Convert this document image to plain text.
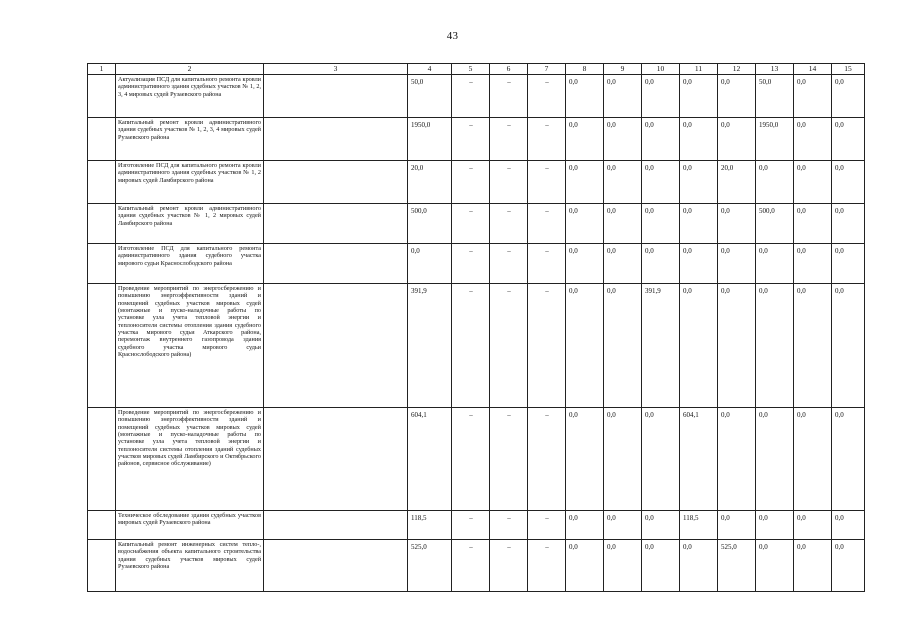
43
1	2	3	4	5	6	7	8	9	10	11	12	13	14	15
	Актуализация ПСД для капитального ремонта кровли административного здания судебных участков № 1, 2, 3, 4 мировых судей Рузаевского района		50,0	–	–	–	0,0	0,0	0,0	0,0	0,0	50,0	0,0	0,0
	Капитальный ремонт кровли административного здания судебных участков № 1, 2, 3, 4 мировых судей Рузаевского района		1950,0	–	–	–	0,0	0,0	0,0	0,0	0,0	1950,0	0,0	0,0
	Изготовление ПСД для капитального ремонта кровли административного здания судебных участков № 1, 2 мировых судей Ламбирского района		20,0	–	–	–	0,0	0,0	0,0	0,0	20,0	0,0	0,0	0,0
	Капитальный ремонт кровли административного здания судебных участков № 1, 2 мировых судей Ламбирского района		500,0	–	–	–	0,0	0,0	0,0	0,0	0,0	500,0	0,0	0,0
	Изготовление ПСД для капитального ремонта административного здания судебного участка мирового судьи Краснослободского района		0,0	–	–	–	0,0	0,0	0,0	0,0	0,0	0,0	0,0	0,0
	Проведение мероприятий по энергосбережению и повышению энергоэффективности зданий и помещений судебных участков мировых судей (монтажные и пуско-наладочные работы по установке узла учета тепловой энергии и теплоносителя системы отопления здания судебного участка мирового судьи Аткарского района, перемонтаж внутреннего газопровода здания судебного участка мирового судьи Краснослободского района)		391,9	–	–	–	0,0	0,0	391,9	0,0	0,0	0,0	0,0	0,0
	Проведение мероприятий по энергосбережению и повышению энергоэффективности зданий и помещений судебных участков мировых судей (монтажные и пуско-наладочные работы по установке узла учета тепловой энергии и теплоносителя системы отопления зданий судебных участков мировых судей Ламбирского и Октябрьского районов, сервисное обслуживание)		604,1	–	–	–	0,0	0,0	0,0	604,1	0,0	0,0	0,0	0,0
	Техническое обследование здания судебных участков мировых судей Рузаевского района		118,5	–	–	–	0,0	0,0	0,0	118,5	0,0	0,0	0,0	0,0
	Капитальный ремонт инженерных систем тепло-, водоснабжения объекта капитального строительства здания судебных участков мировых судей Рузаевского района		525,0	–	–	–	0,0	0,0	0,0	0,0	525,0	0,0	0,0	0,0
